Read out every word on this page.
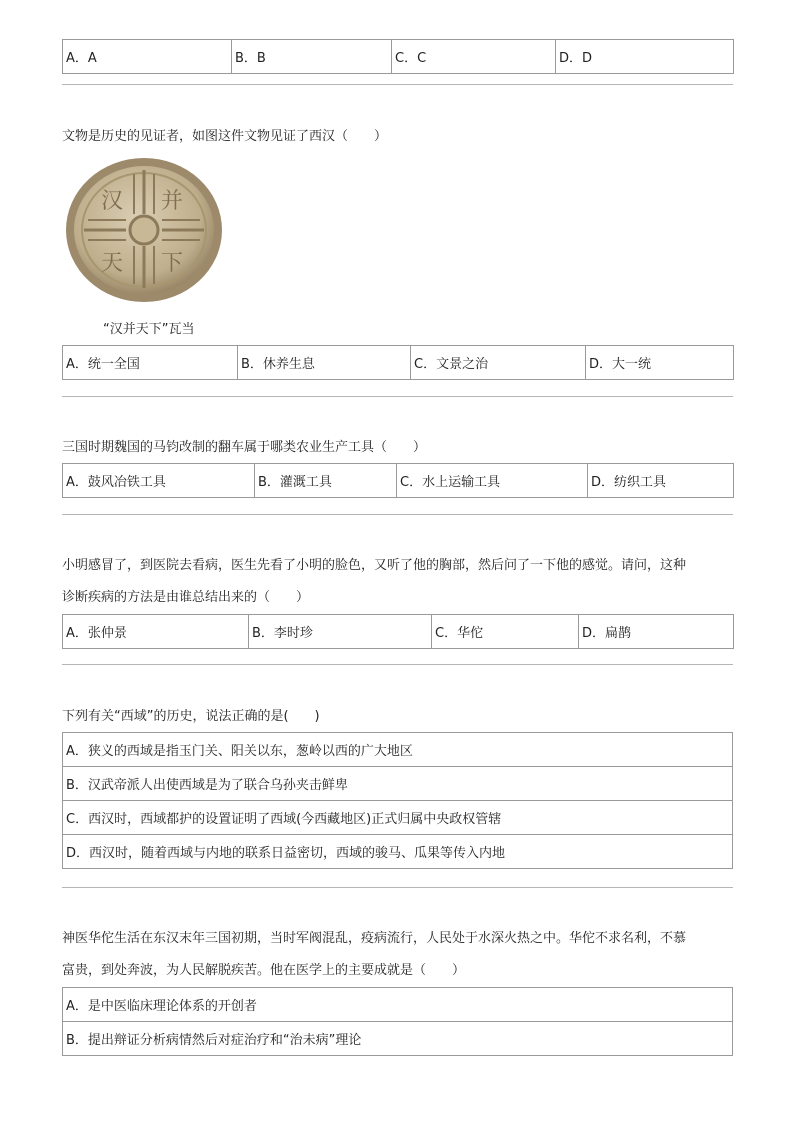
A．A	B．B	C．C	D．D
文物是历史的见证者，如图这件文物见证了西汉（　　）
并
汉
下
天
“汉并天下”瓦当
A．统一全国	B．休养生息	C．文景之治	D．大一统
三国时期魏国的马钧改制的翻车属于哪类农业生产工具（　　）
A．鼓风冶铁工具	B．灌溉工具	C．水上运输工具	D．纺织工具
小明感冒了，到医院去看病，医生先看了小明的脸色，又听了他的胸部，然后问了一下他的感觉。请问，这种
诊断疾病的方法是由谁总结出来的（　　）
A．张仲景	B．李时珍	C．华佗	D．扁鹊
下列有关“西域”的历史，说法正确的是(　　)
A．狭义的西域是指玉门关、阳关以东，葱岭以西的广大地区
B．汉武帝派人出使西域是为了联合乌孙夹击鲜卑
C．西汉时，西域都护的设置证明了西域(今西藏地区)正式归属中央政权管辖
D．西汉时，随着西域与内地的联系日益密切，西域的骏马、瓜果等传入内地
神医华佗生活在东汉末年三国初期，当时军阀混乱，疫病流行，人民处于水深火热之中。华佗不求名利，不慕
富贵，到处奔波，为人民解脱疾苦。他在医学上的主要成就是（　　）
A．是中医临床理论体系的开创者
B．提出辩证分析病情然后对症治疗和“治未病”理论
